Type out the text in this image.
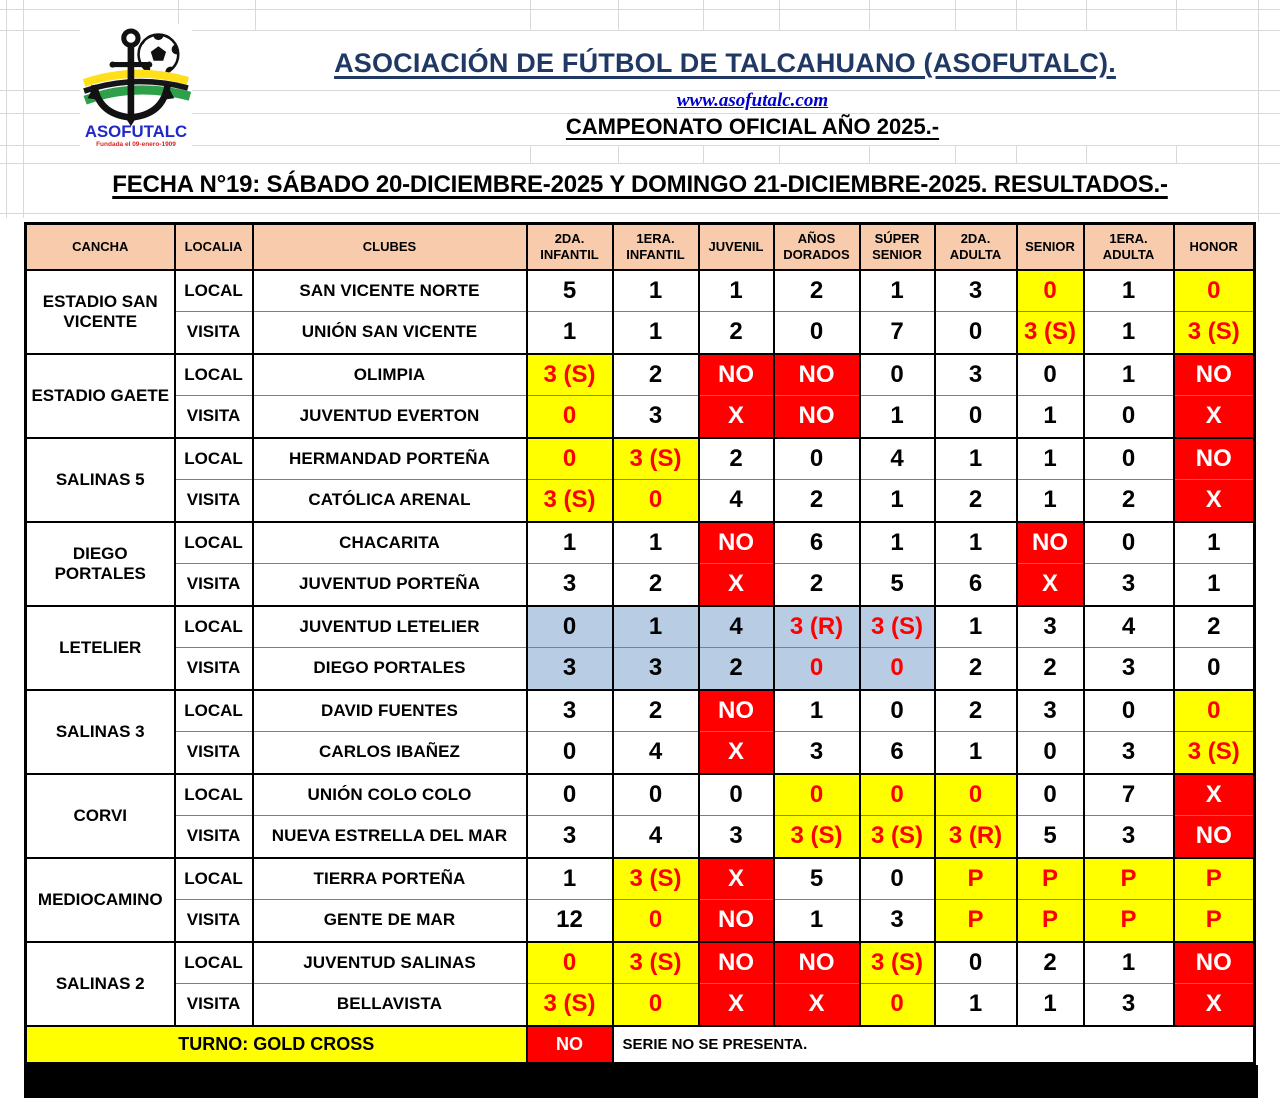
ASOFUTALC
Fundada el 09-enero-1909
ASOCIACIÓN DE FÚTBOL DE TALCAHUANO (ASOFUTALC).
www.asofutalc.com
CAMPEONATO OFICIAL AÑO 2025.-
FECHA N°19: SÁBADO 20-DICIEMBRE-2025 Y DOMINGO 21-DICIEMBRE-2025. RESULTADOS.-
CANCHA	LOCALIA	CLUBES	2DA. INFANTIL	1ERA. INFANTIL	JUVENIL	AÑOS DORADOS	SÚPER SENIOR	2DA. ADULTA	SENIOR	1ERA. ADULTA	HONOR
ESTADIO SAN VICENTE	LOCAL	SAN VICENTE NORTE	5	1	1	2	1	3	0	1	0
	VISITA	UNIÓN SAN VICENTE	1	1	2	0	7	0	3 (S)	1	3 (S)
ESTADIO GAETE	LOCAL	OLIMPIA	3 (S)	2	NO	NO	0	3	0	1	NO
	VISITA	JUVENTUD EVERTON	0	3	X	NO	1	0	1	0	X
SALINAS 5	LOCAL	HERMANDAD PORTEÑA	0	3 (S)	2	0	4	1	1	0	NO
	VISITA	CATÓLICA ARENAL	3 (S)	0	4	2	1	2	1	2	X
DIEGO PORTALES	LOCAL	CHACARITA	1	1	NO	6	1	1	NO	0	1
	VISITA	JUVENTUD PORTEÑA	3	2	X	2	5	6	X	3	1
LETELIER	LOCAL	JUVENTUD LETELIER	0	1	4	3 (R)	3 (S)	1	3	4	2
	VISITA	DIEGO PORTALES	3	3	2	0	0	2	2	3	0
SALINAS 3	LOCAL	DAVID FUENTES	3	2	NO	1	0	2	3	0	0
	VISITA	CARLOS IBAÑEZ	0	4	X	3	6	1	0	3	3 (S)
CORVI	LOCAL	UNIÓN COLO COLO	0	0	0	0	0	0	0	7	X
	VISITA	NUEVA ESTRELLA DEL MAR	3	4	3	3 (S)	3 (S)	3 (R)	5	3	NO
MEDIOCAMINO	LOCAL	TIERRA PORTEÑA	1	3 (S)	X	5	0	P	P	P	P
	VISITA	GENTE DE MAR	12	0	NO	1	3	P	P	P	P
SALINAS 2	LOCAL	JUVENTUD SALINAS	0	3 (S)	NO	NO	3 (S)	0	2	1	NO
	VISITA	BELLAVISTA	3 (S)	0	X	X	0	1	1	3	X
TURNO: GOLD CROSS			NO	SERIE NO SE PRESENTA.							
